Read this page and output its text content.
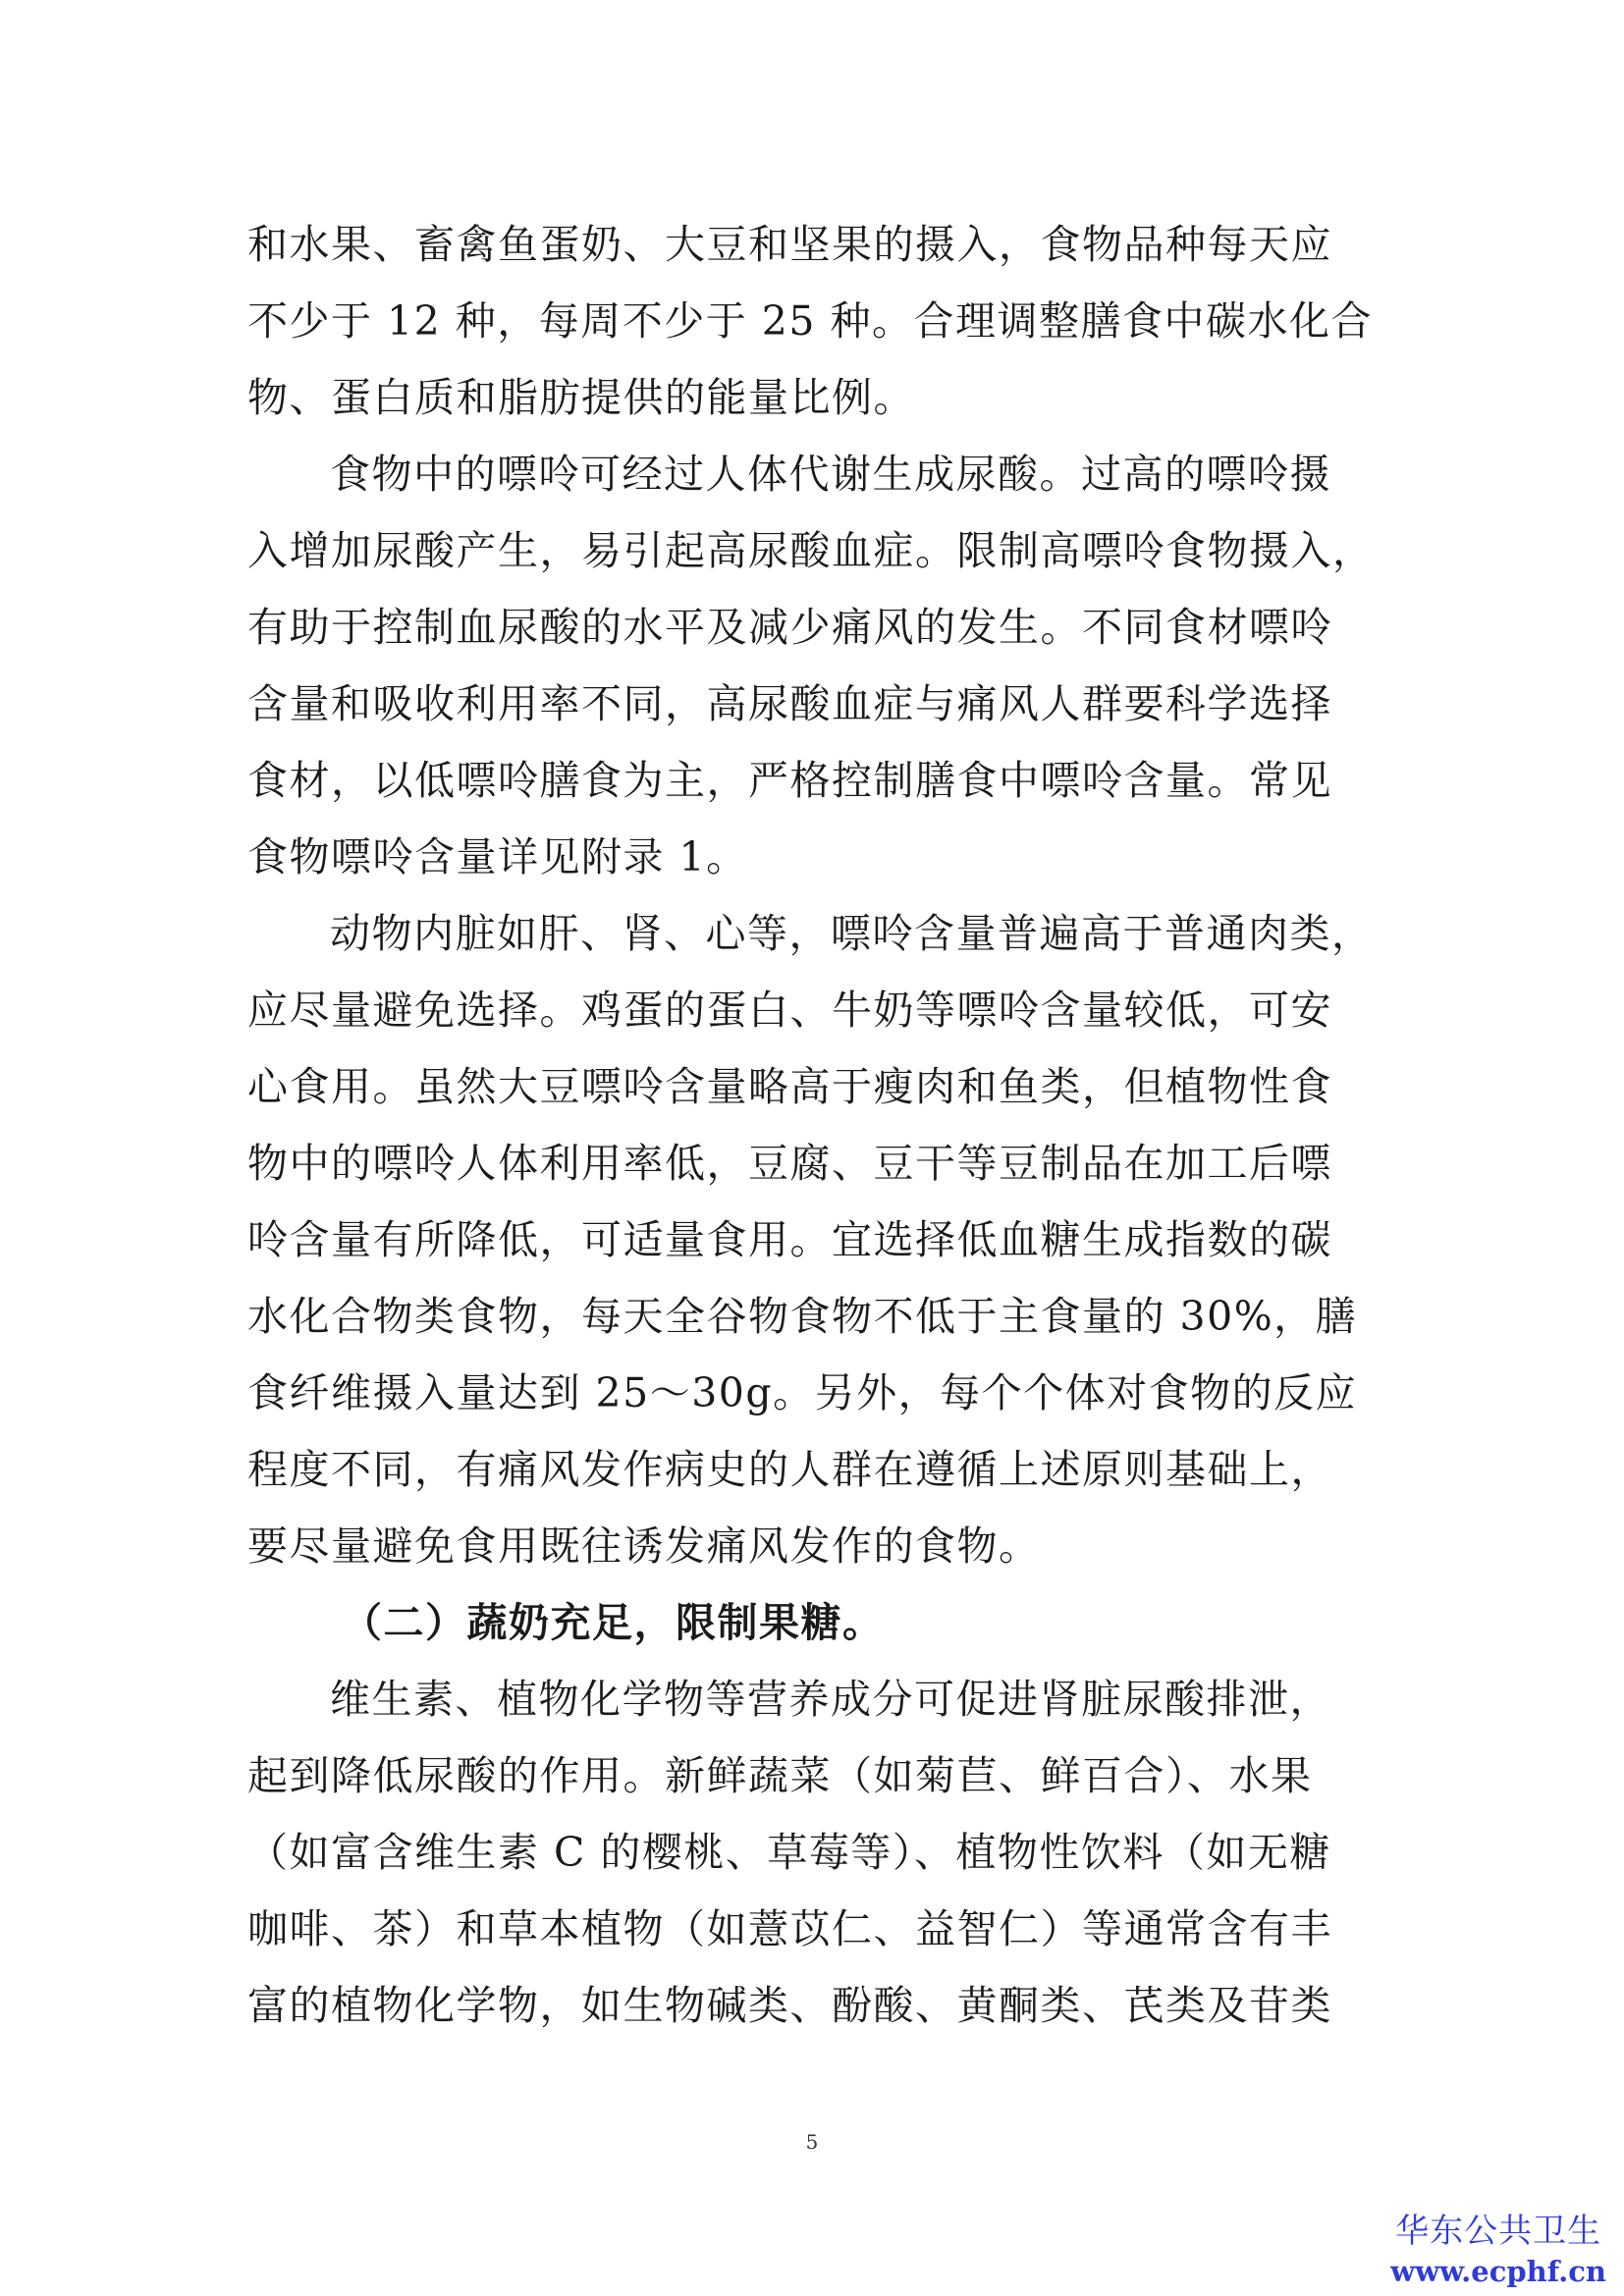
和水果、畜禽鱼蛋奶、大豆和坚果的摄入，食物品种每天应
不少于 12 种，每周不少于 25 种。合理调整膳食中碳水化合
物、蛋白质和脂肪提供的能量比例。
食物中的嘌呤可经过人体代谢生成尿酸。过高的嘌呤摄
入增加尿酸产生，易引起高尿酸血症。限制高嘌呤食物摄入，
有助于控制血尿酸的水平及减少痛风的发生。不同食材嘌呤
含量和吸收利用率不同，高尿酸血症与痛风人群要科学选择
食材，以低嘌呤膳食为主，严格控制膳食中嘌呤含量。常见
食物嘌呤含量详见附录 1。
动物内脏如肝、肾、心等，嘌呤含量普遍高于普通肉类，
应尽量避免选择。鸡蛋的蛋白、牛奶等嘌呤含量较低，可安
心食用。虽然大豆嘌呤含量略高于瘦肉和鱼类，但植物性食
物中的嘌呤人体利用率低，豆腐、豆干等豆制品在加工后嘌
呤含量有所降低，可适量食用。宜选择低血糖生成指数的碳
水化合物类食物，每天全谷物食物不低于主食量的 30%，膳
食纤维摄入量达到 25～30g。另外，每个个体对食物的反应
程度不同，有痛风发作病史的人群在遵循上述原则基础上，
要尽量避免食用既往诱发痛风发作的食物。
（二）蔬奶充足，限制果糖。
维生素、植物化学物等营养成分可促进肾脏尿酸排泄，
起到降低尿酸的作用。新鲜蔬菜（如菊苣、鲜百合）、水果
（如富含维生素 C 的樱桃、草莓等）、植物性饮料（如无糖
咖啡、茶）和草本植物（如薏苡仁、益智仁）等通常含有丰
富的植物化学物，如生物碱类、酚酸、黄酮类、芪类及苷类
5
华东公共卫生
www.ecphf.cn
